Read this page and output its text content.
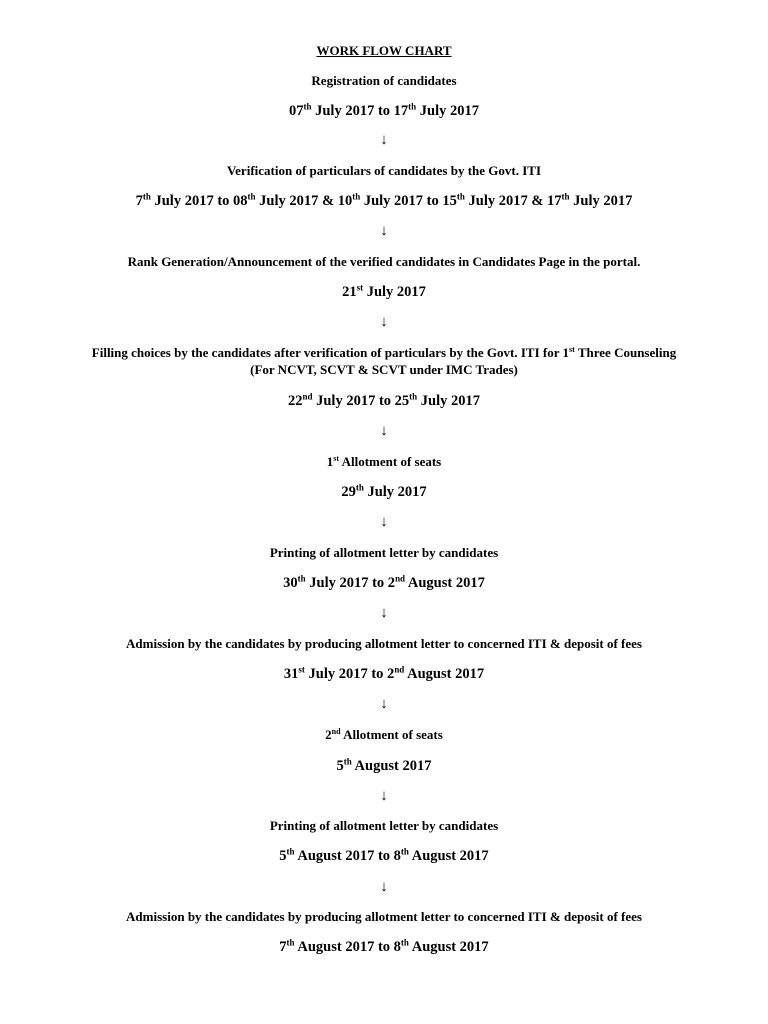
WORK FLOW CHART
Registration of candidates
07th July 2017 to 17th July 2017
↓
Verification of particulars of candidates by the Govt. ITI
7th July 2017 to 08th July 2017 & 10th July 2017 to 15th July 2017 & 17th July 2017
↓
Rank Generation/Announcement of the verified candidates in Candidates Page in the portal.
21st July 2017
↓
Filling choices by the candidates after verification of particulars by the Govt. ITI for 1st Three Counseling
(For NCVT, SCVT & SCVT under IMC Trades)
22nd July 2017 to 25th July 2017
↓
1st Allotment of seats
29th July 2017
↓
Printing of allotment letter by candidates
30th July 2017 to 2nd August 2017
↓
Admission by the candidates by producing allotment letter to concerned ITI & deposit of fees
31st July 2017 to 2nd August 2017
↓
2nd Allotment of seats
5th August 2017
↓
Printing of allotment letter by candidates
5th August 2017 to 8th August 2017
↓
Admission by the candidates by producing allotment letter to concerned ITI & deposit of fees
7th August 2017 to 8th August 2017
